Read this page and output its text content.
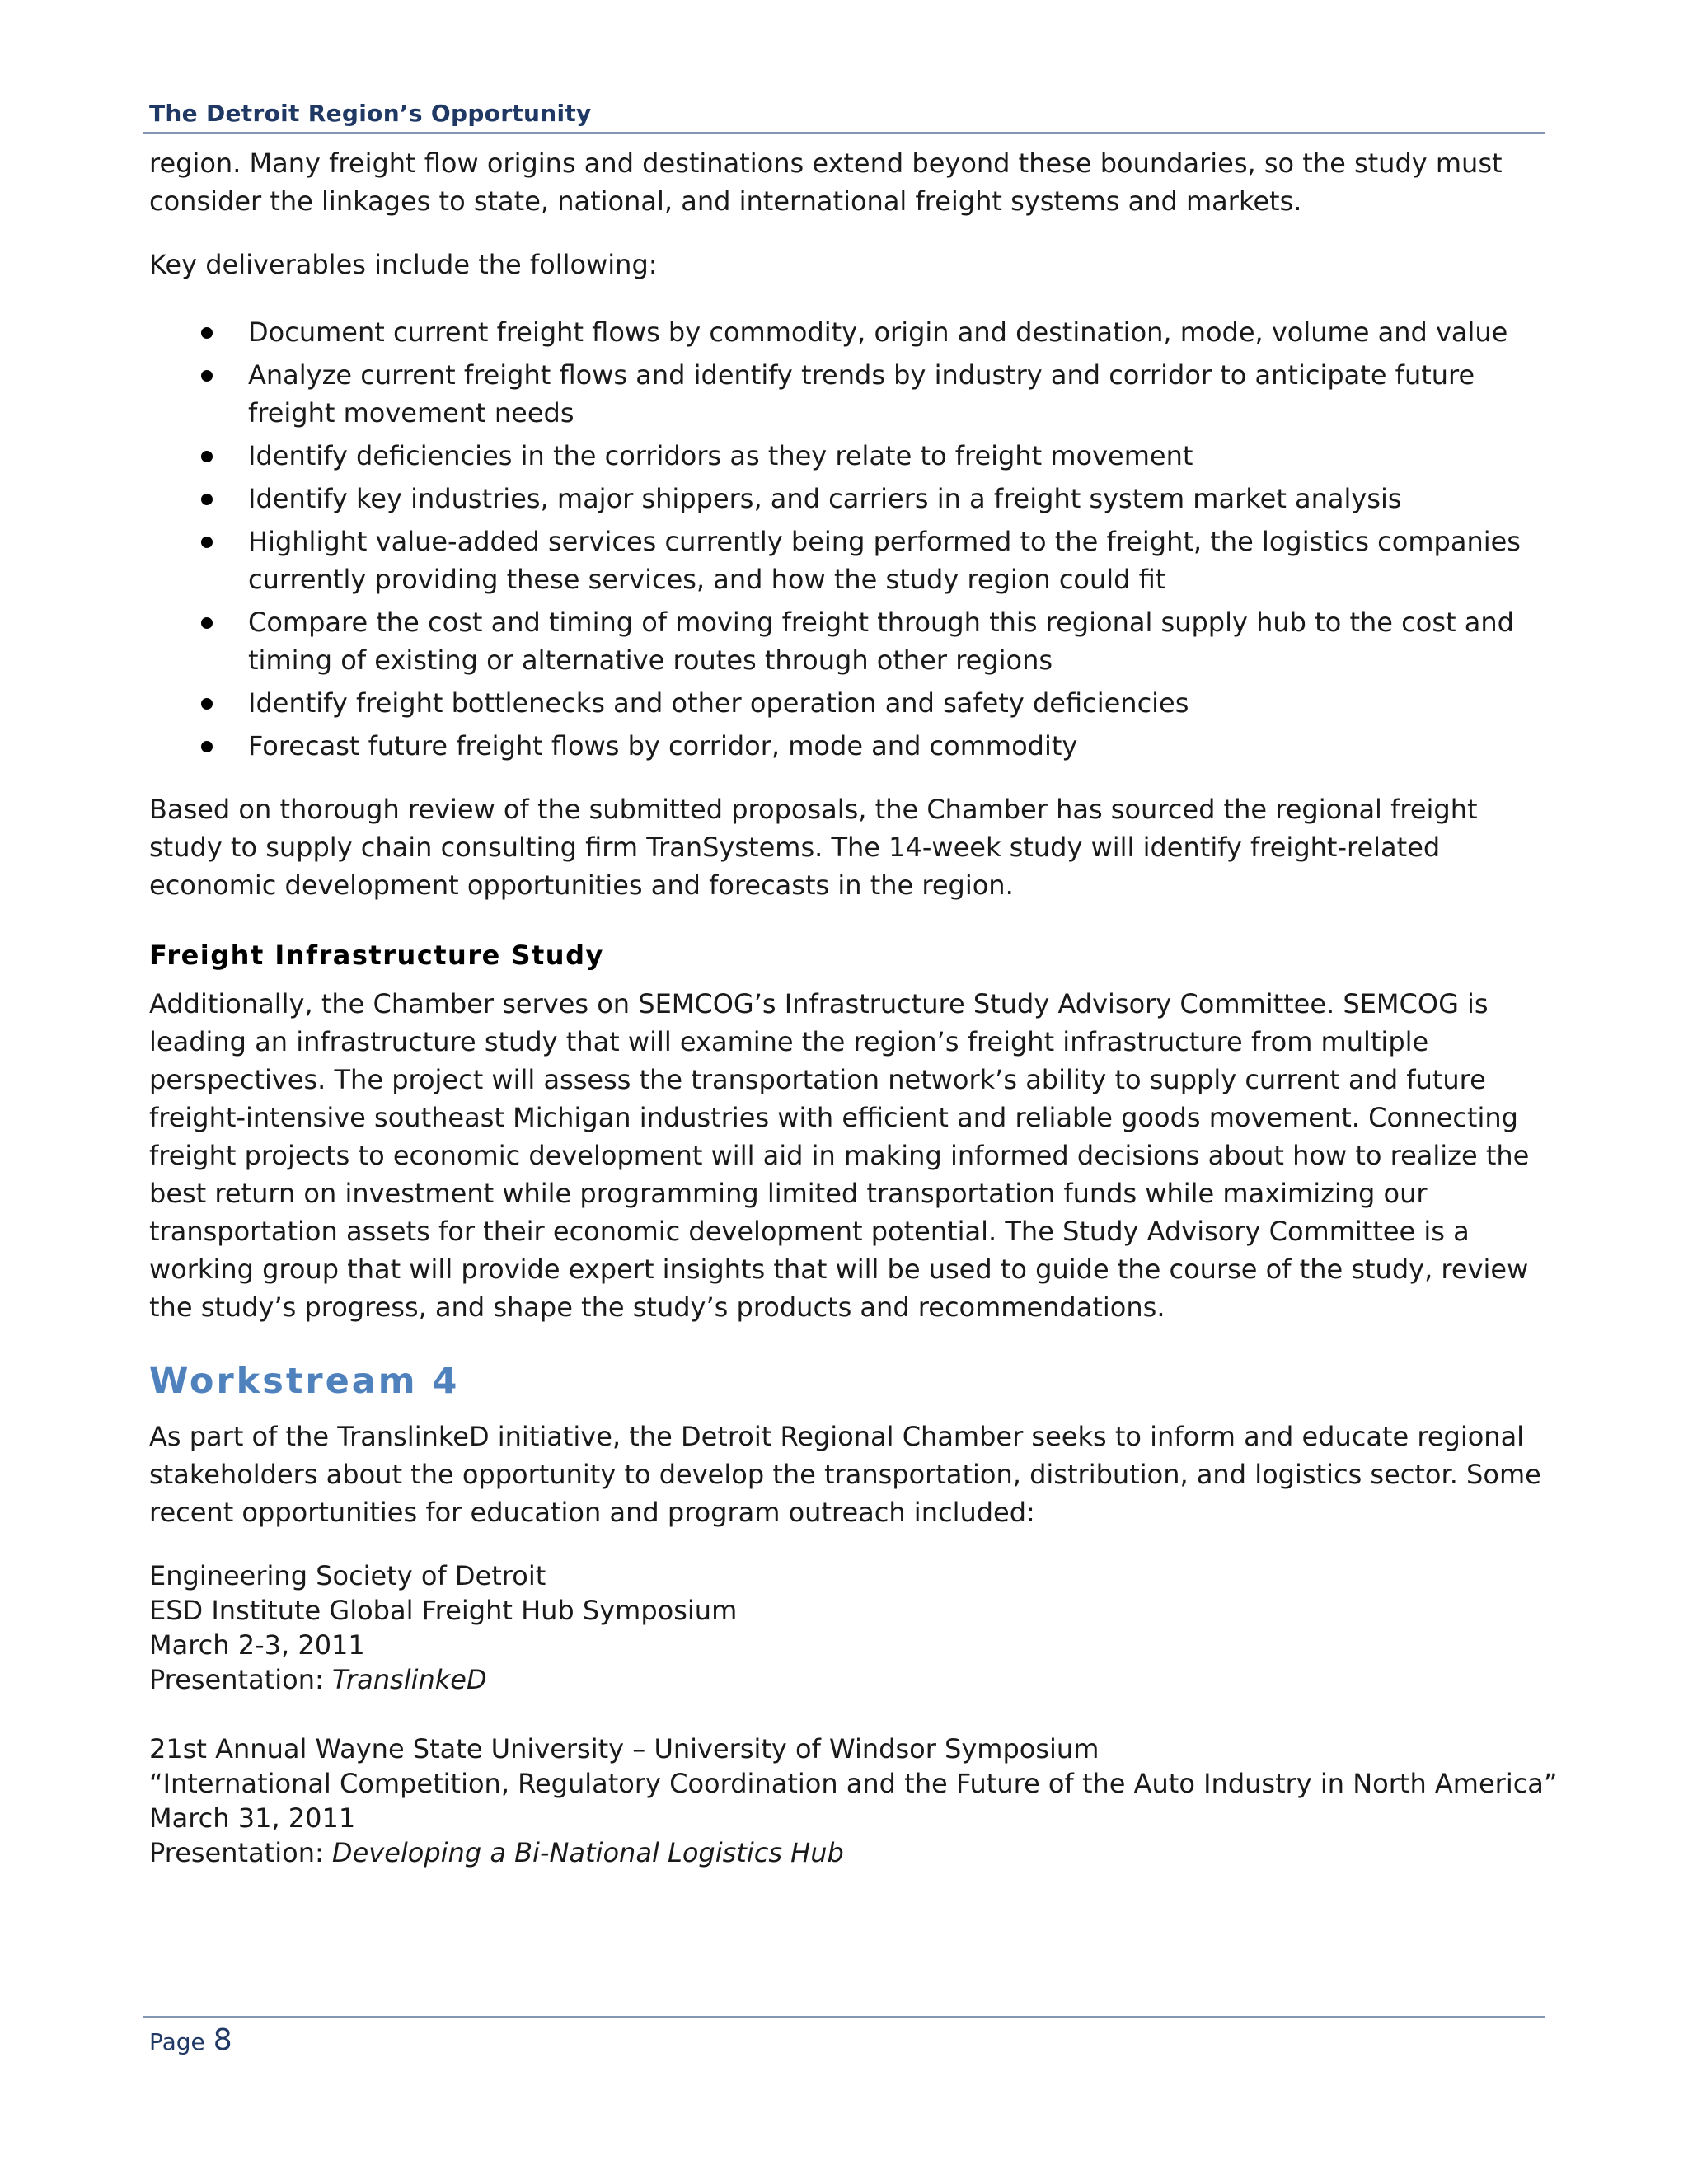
The Detroit Region’s Opportunity

region. Many freight flow origins and destinations extend beyond these boundaries, so the study must consider the linkages to state, national, and international freight systems and markets.

Key deliverables include the following:

Document current freight flows by commodity, origin and destination, mode, volume and value
Analyze current freight flows and identify trends by industry and corridor to anticipate future freight movement needs
Identify deficiencies in the corridors as they relate to freight movement
Identify key industries, major shippers, and carriers in a freight system market analysis
Highlight value-added services currently being performed to the freight, the logistics companies currently providing these services, and how the study region could fit
Compare the cost and timing of moving freight through this regional supply hub to the cost and timing of existing or alternative routes through other regions
Identify freight bottlenecks and other operation and safety deficiencies
Forecast future freight flows by corridor, mode and commodity

Based on thorough review of the submitted proposals, the Chamber has sourced the regional freight study to supply chain consulting firm TranSystems. The 14-week study will identify freight-related economic development opportunities and forecasts in the region.

Freight Infrastructure Study

Additionally, the Chamber serves on SEMCOG’s Infrastructure Study Advisory Committee. SEMCOG is leading an infrastructure study that will examine the region’s freight infrastructure from multiple perspectives. The project will assess the transportation network’s ability to supply current and future freight-intensive southeast Michigan industries with efficient and reliable goods movement. Connecting freight projects to economic development will aid in making informed decisions about how to realize the best return on investment while programming limited transportation funds while maximizing our transportation assets for their economic development potential. The Study Advisory Committee is a working group that will provide expert insights that will be used to guide the course of the study, review the study’s progress, and shape the study’s products and recommendations.

Workstream 4

As part of the TranslinkeD initiative, the Detroit Regional Chamber seeks to inform and educate regional stakeholders about the opportunity to develop the transportation, distribution, and logistics sector. Some recent opportunities for education and program outreach included:

Engineering Society of Detroit
ESD Institute Global Freight Hub Symposium
March 2-3, 2011
Presentation: TranslinkeD
21st Annual Wayne State University – University of Windsor Symposium
“International Competition, Regulatory Coordination and the Future of the Auto Industry in North America”
March 31, 2011
Presentation: Developing a Bi-National Logistics Hub
Page 8
